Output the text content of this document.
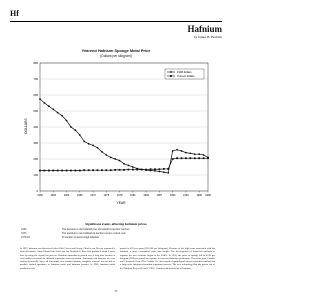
Hf
Hafnium
by James B. Hedrick
Yearend Hafnium Sponge Metal Price
(Dollars per kilogram)
0
100
200
300
400
500
600
700
800
1960	1963	1966	1969	1972	1975	1978	1981	1984	1987	1990	1993	1996 1998
1998 dollars
Current dollars
DOLLARS
YEAR
Significant events affecting hafnium prices
1950	The decision to use hafnium free zirconium in nuclear reactors
1953	The decision to use hafnium in nuclear reactor control rods
1979-81	Economic recession-high inflation
In 1923, hafnium was discovered when Dirk Coster and George Charles von Hevesy separated it from zirconium. Anton Eduard van Arkel and Jan Hendrik de Boer first produced metal 2 years later by using the crystal bar process. Hafnium immediately passed over a long time because it was hardly tested and the difficult separation from zirconium. Zirconium and hafnium are very similar chemically. Since all zirconium ores contain hafnium, complete removal was needed to produce limited quantities of hafnium metal and hafnium powder. In 1960, hafnium metal production was
quoted at $22 per gram ($22,000 per kilogram). Because of the high costs associated with the hafnium, a more economical route was sought. The development of improved methods to separate the two elements began in the 1940's. In 1959, the price of sponge fell to $110 per kilogram ($28 per pound) in response to increased hafnium production. That same year, Carbide and Chemicals Corp. (The Carbide Co.) developed a liquid-liquid solvent extraction method and a large-scale hafnium-zirconium separation process. The new technology that has grown out of the Hafnium Project (Powell, 1961). Commercial production of hafnium
55
